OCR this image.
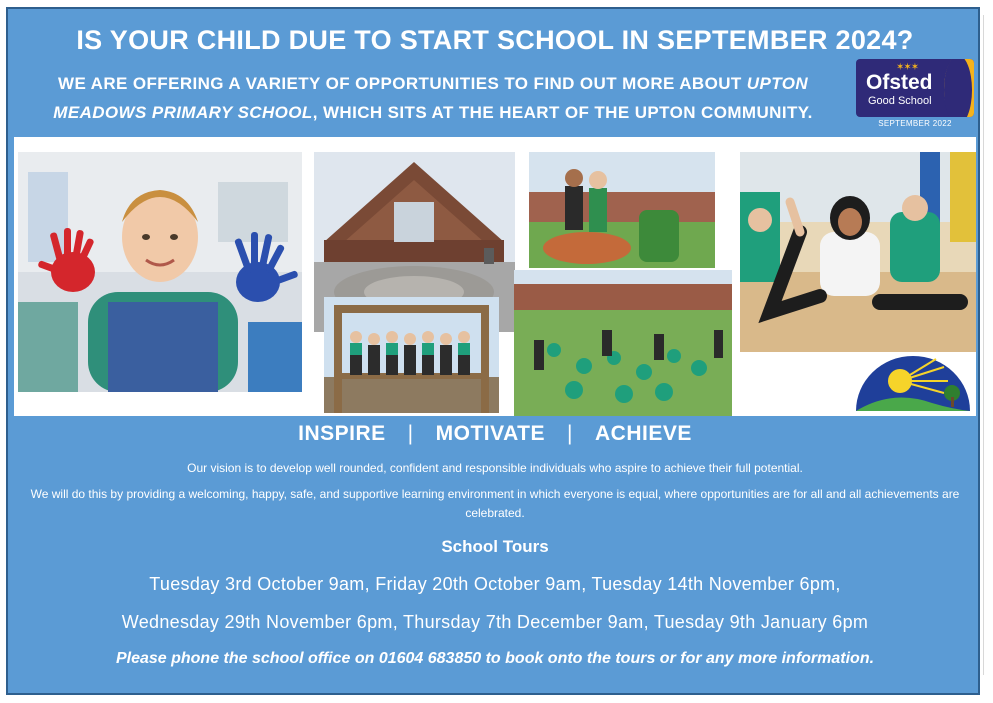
IS YOUR CHILD DUE TO START SCHOOL IN SEPTEMBER 2024?
WE ARE OFFERING A VARIETY OF OPPORTUNITIES TO FIND OUT MORE ABOUT UPTON MEADOWS PRIMARY SCHOOL, WHICH SITS AT THE HEART OF THE UPTON COMMUNITY.
✶✶✶
Ofsted
Good School
SEPTEMBER 2022
INSPIRE | MOTIVATE | ACHIEVE
Our vision is to develop well rounded, confident and responsible individuals who aspire to achieve their full potential.
We will do this by providing a welcoming, happy, safe, and supportive learning environment in which everyone is equal, where opportunities are for all and all achievements are celebrated.
School Tours
Tuesday 3rd October 9am, Friday 20th October 9am, Tuesday 14th November 6pm,
Wednesday 29th November 6pm, Thursday 7th December 9am, Tuesday 9th January 6pm
Please phone the school office on 01604 683850 to book onto the tours or for any more information.
